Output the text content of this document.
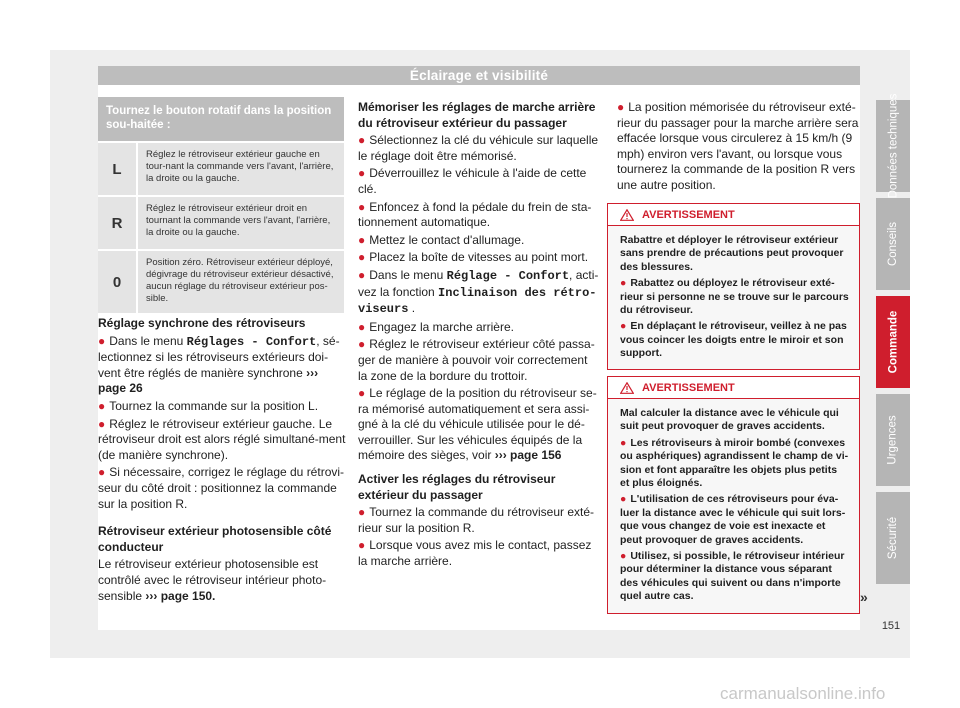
Éclairage et visibilité
Tournez le bouton rotatif dans la position sou-haitée :
L
Réglez le rétroviseur extérieur gauche en tour-nant la commande vers l'avant, l'arrière, la droite ou la gauche.
R
Réglez le rétroviseur extérieur droit en tournant la commande vers l'avant, l'arrière, la droite ou la gauche.
0
Position zéro. Rétroviseur extérieur déployé, dégivrage du rétroviseur extérieur désactivé, aucun réglage du rétroviseur extérieur pos-sible.

Réglage synchrone des rétroviseurs

● Dans le menu Réglages - Confort, sé-lectionnez si les rétroviseurs extérieurs doi-vent être réglés de manière synchrone ››› page 26

● Tournez la commande sur la position L.

● Réglez le rétroviseur extérieur gauche. Le rétroviseur droit est alors réglé simultané-ment (de manière synchrone).

● Si nécessaire, corrigez le réglage du rétrovi-seur du côté droit : positionnez la commande sur la position R.

Rétroviseur extérieur photosensible côté conducteur

Le rétroviseur extérieur photosensible est contrôlé avec le rétroviseur intérieur photo-sensible ››› page 150.

Mémoriser les réglages de marche arrière du rétroviseur extérieur du passager

● Sélectionnez la clé du véhicule sur laquelle le réglage doit être mémorisé.

● Déverrouillez le véhicule à l'aide de cette clé.

● Enfoncez à fond la pédale du frein de sta-tionnement automatique.

● Mettez le contact d'allumage.

● Placez la boîte de vitesses au point mort.

● Dans le menu Réglage - Confort, acti-vez la fonction Inclinaison des rétro-viseurs .

● Engagez la marche arrière.

● Réglez le rétroviseur extérieur côté passa-ger de manière à pouvoir voir correctement la zone de la bordure du trottoir.

● Le réglage de la position du rétroviseur se-ra mémorisé automatiquement et sera assi-gné à la clé du véhicule utilisée pour le dé-verrouiller. Sur les véhicules équipés de la mémoire des sièges, voir ››› page 156

Activer les réglages du rétroviseur extérieur du passager

● Tournez la commande du rétroviseur exté-rieur sur la position R.

● Lorsque vous avez mis le contact, passez la marche arrière.

● La position mémorisée du rétroviseur exté-rieur du passager pour la marche arrière sera effacée lorsque vous circulerez à 15 km/h (9 mph) environ vers l'avant, ou lorsque vous tournerez la commande de la position R vers une autre position.

AVERTISSEMENT

Rabattre et déployer le rétroviseur extérieur sans prendre de précautions peut provoquer des blessures.

● Rabattez ou déployez le rétroviseur exté-rieur si personne ne se trouve sur le parcours du rétroviseur.

● En déplaçant le rétroviseur, veillez à ne pas vous coincer les doigts entre le miroir et son support.

AVERTISSEMENT

Mal calculer la distance avec le véhicule qui suit peut provoquer de graves accidents.

● Les rétroviseurs à miroir bombé (convexes ou asphériques) agrandissent le champ de vi-sion et font apparaître les objets plus petits et plus éloignés.

● L'utilisation de ces rétroviseurs pour éva-luer la distance avec le véhicule qui suit lors-que vous changez de voie est inexacte et peut provoquer de graves accidents.

● Utilisez, si possible, le rétroviseur intérieur pour déterminer la distance vous séparant des véhicules qui suivent ou dans n'importe quel autre cas.	»
Données techniques
Conseils
Commande
Urgences
Sécurité
151
carmanualsonline.info
